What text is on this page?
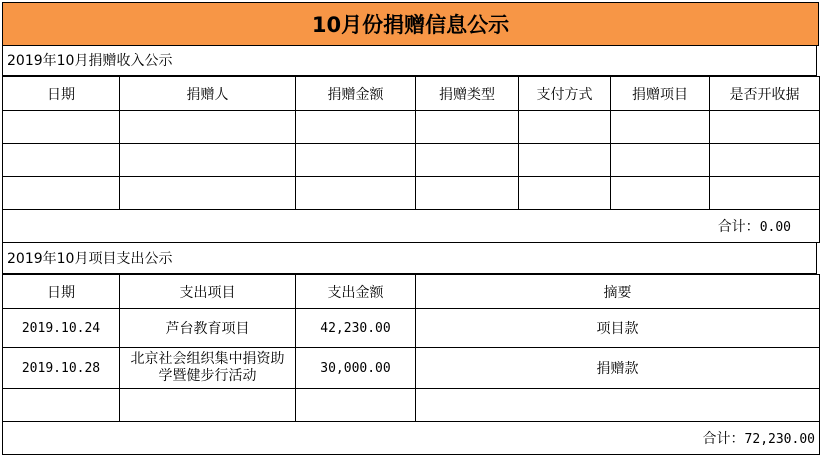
10月份捐赠信息公示
2019年10月捐赠收入公示
日期	捐赠人	捐赠金额	捐赠类型	支付方式	捐赠项目	是否开收据

合计：0.00						
2019年10月项目支出公示
日期	支出项目	支出金额	摘要
2019.10.24	芦台教育项目	42,230.00	项目款
2019.10.28	北京社会组织集中捐资助学暨健步行活动	30,000.00	捐赠款

合计：72,230.00			
